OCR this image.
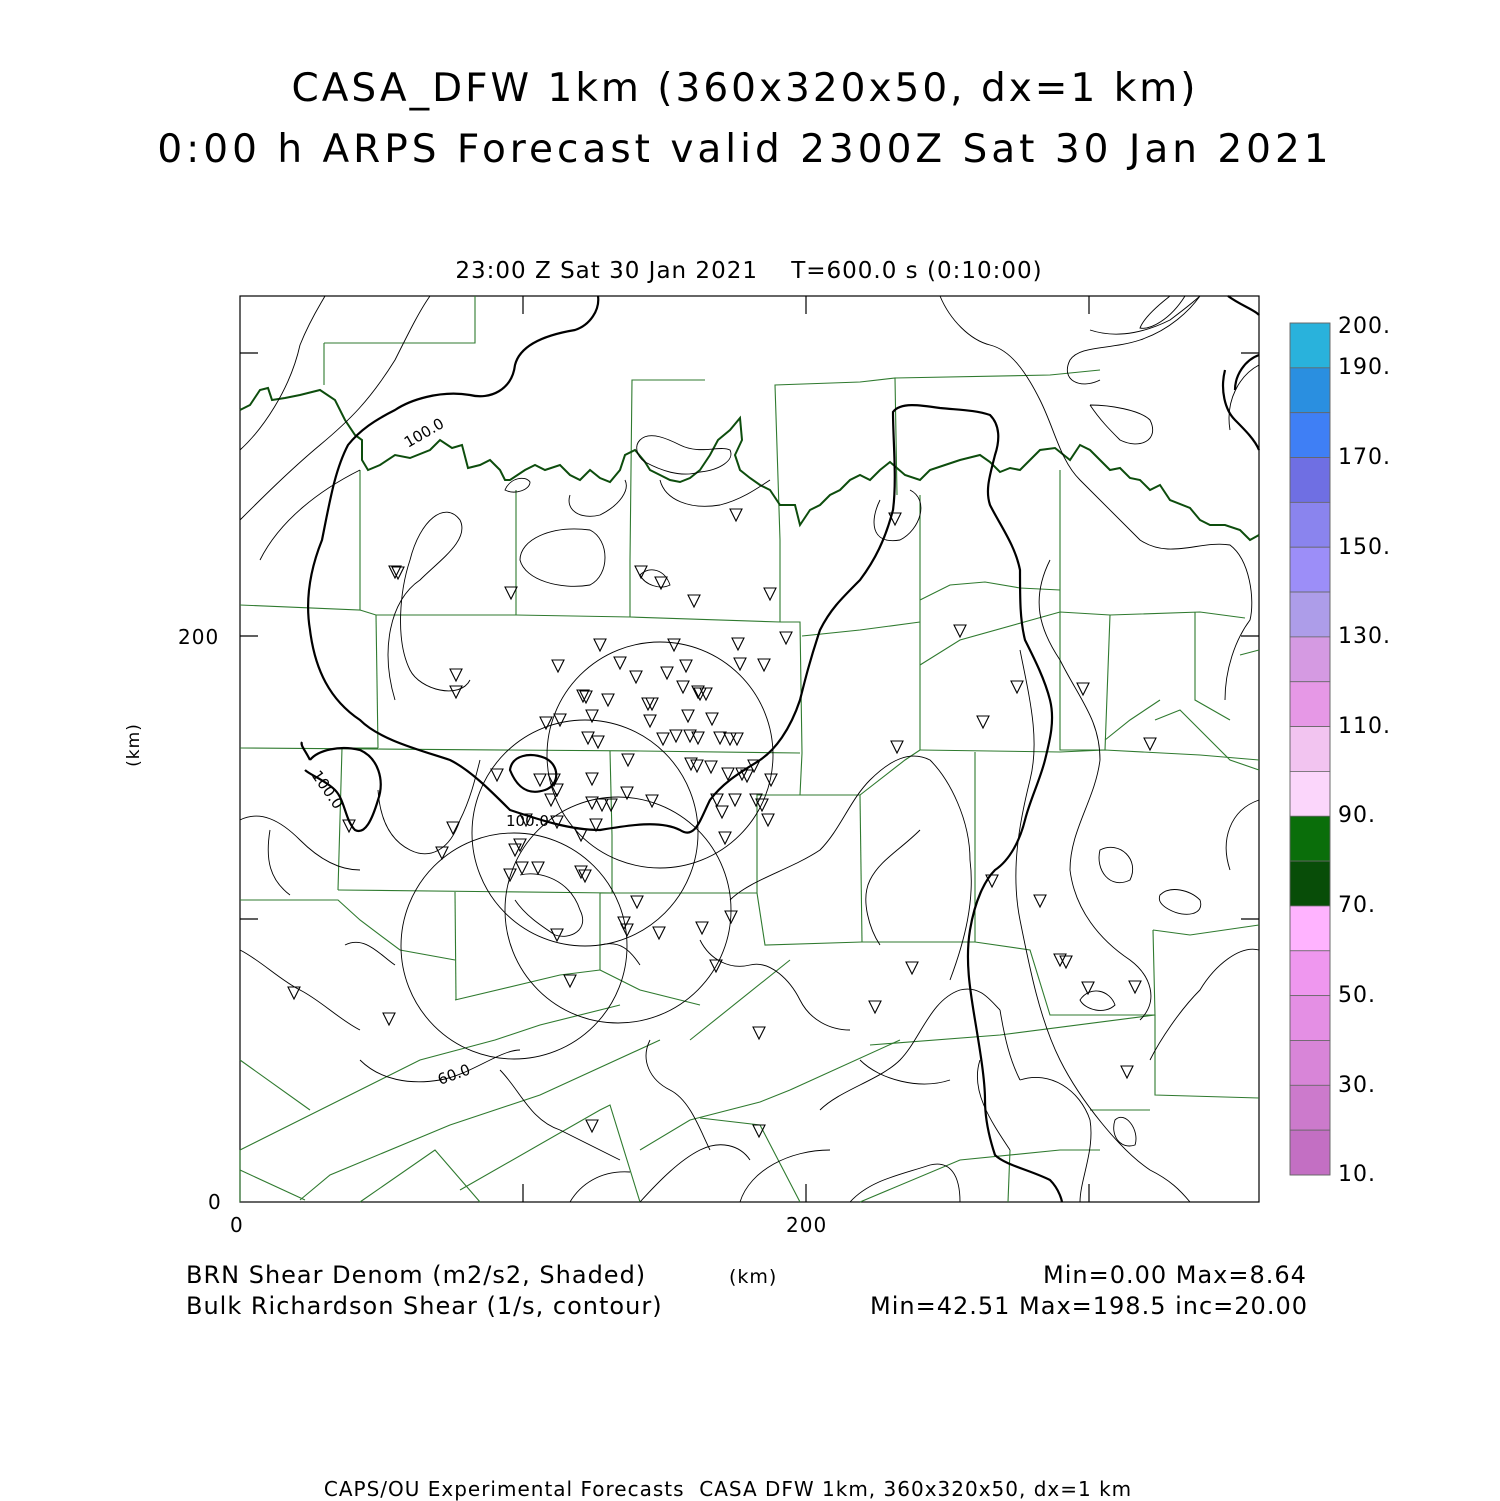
CASA_DFW 1km (360x320x50, dx=1 km)
0:00 h ARPS Forecast valid 2300Z Sat 30 Jan 2021
23:00 Z Sat 30 Jan 2021    T=600.0 s (0:10:00)
100.0
100.0
100.0
60.0
(km)
200
0
0	200
(km)
200.
190.
170.
150.
130.
110.
90.
70.
50.
30.
10.
BRN Shear Denom (m2/s2, Shaded)
Bulk Richardson Shear (1/s, contour)
Min=0.00 Max=8.64
Min=42.51 Max=198.5 inc=20.00
CAPS/OU Experimental Forecasts  CASA DFW 1km, 360x320x50, dx=1 km
